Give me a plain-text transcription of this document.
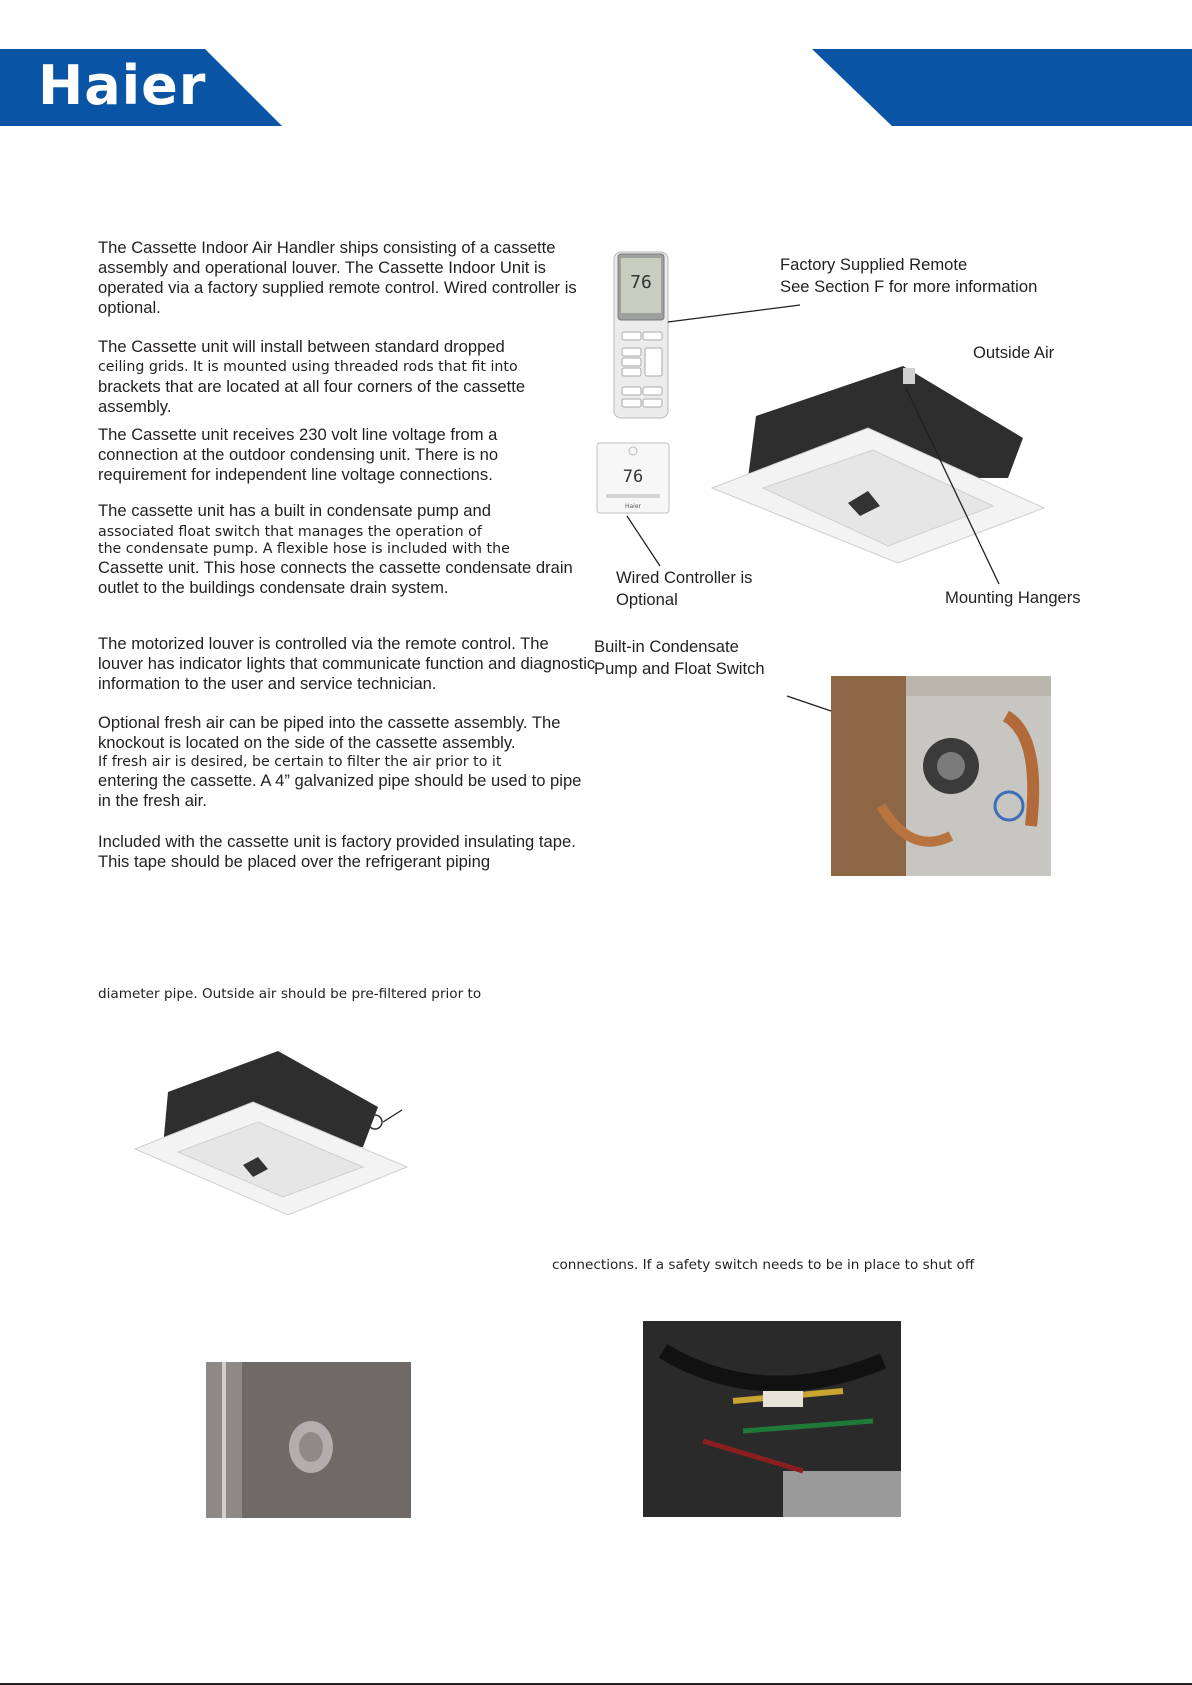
Haier

The Cassette Indoor Air Handler ships consisting of a cassette assembly and operational louver. The Cassette Indoor Unit is operated via a factory supplied remote control. Wired controller is optional.

The Cassette unit will install between standard dropped
ceiling grids. It is mounted using threaded rods that fit into
brackets that are located at all four corners of the cassette assembly.

The Cassette unit receives 230 volt line voltage from a connection at the outdoor condensing unit. There is no requirement for independent line voltage connections.

The cassette unit has a built in condensate pump and
associated float switch that manages the operation of
the condensate pump. A flexible hose is included with the
Cassette unit. This hose connects the cassette condensate drain outlet to the buildings condensate drain system.

The motorized louver is controlled via the remote control. The louver has indicator lights that communicate function and diagnostic information to the user and service technician.

Optional fresh air can be piped into the cassette assembly. The knockout is located on the side of the cassette assembly.
If fresh air is desired, be certain to filter the air prior to it
entering the cassette. A 4” galvanized pipe should be used to pipe in the fresh air.

Included with the cassette unit is factory provided insulating tape. This tape should be placed over the refrigerant piping

diameter pipe. Outside air should be pre-filtered prior to
connections. If a safety switch needs to be in place to shut off
76
76
Haier
Factory Supplied Remote
See Section F for more information
Outside Air
Wired Controller is
Optional	Mounting Hangers
Built-in Condensate
Pump and Float Switch
